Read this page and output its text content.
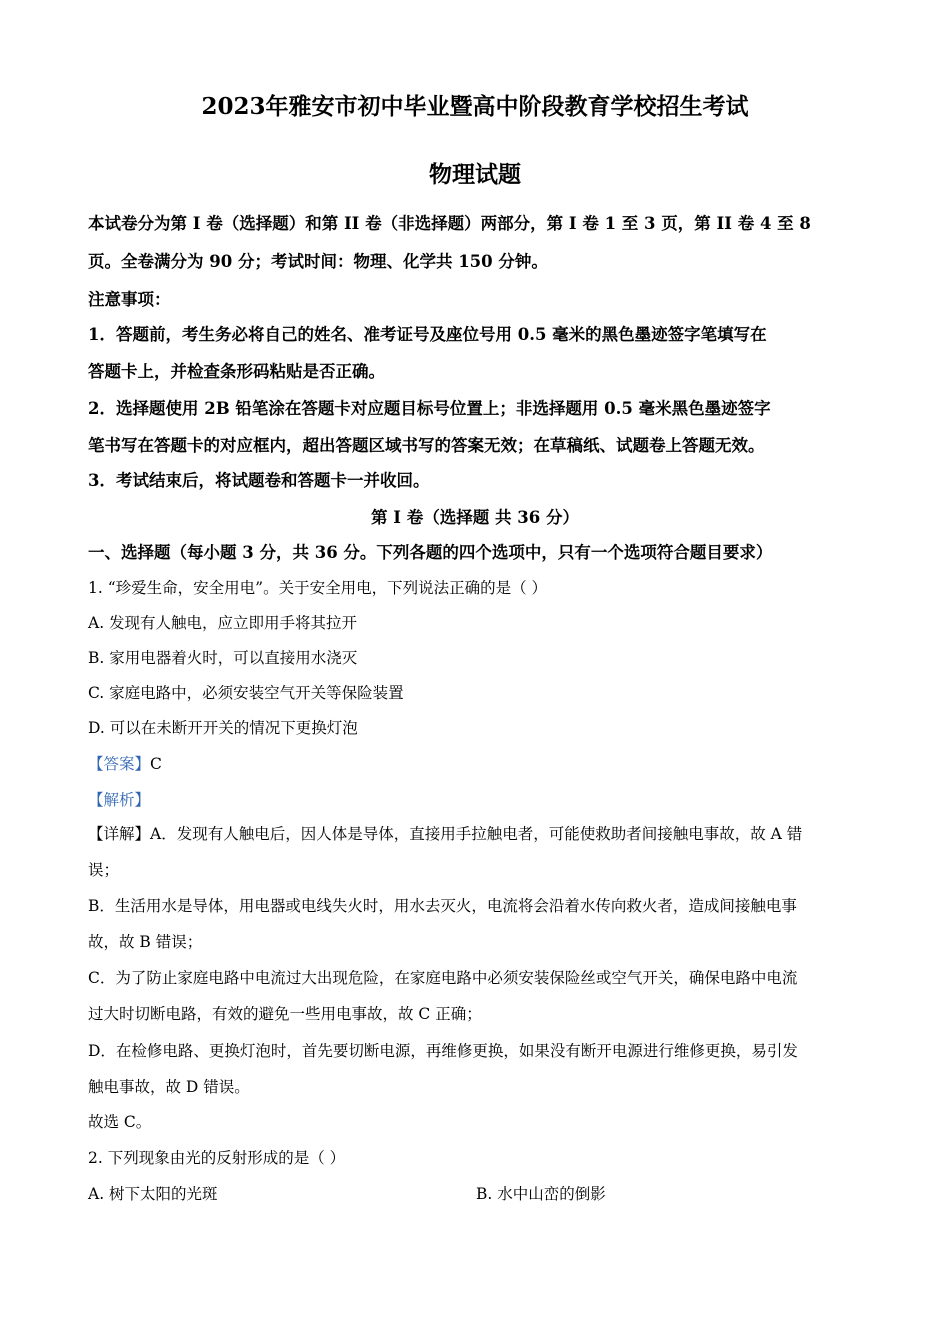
2023年雅安市初中毕业暨高中阶段教育学校招生考试
物理试题
本试卷分为第 I 卷（选择题）和第 II 卷（非选择题）两部分，第 I 卷 1 至 3 页，第 II 卷 4 至 8
页。全卷满分为 90 分；考试时间：物理、化学共 150 分钟。
注意事项：
1．答题前，考生务必将自己的姓名、准考证号及座位号用 0.5 毫米的黑色墨迹签字笔填写在
答题卡上，并检查条形码粘贴是否正确。
2．选择题使用 2B 铅笔涂在答题卡对应题目标号位置上；非选择题用 0.5 毫米黑色墨迹签字
笔书写在答题卡的对应框内，超出答题区域书写的答案无效；在草稿纸、试题卷上答题无效。
3．考试结束后，将试题卷和答题卡一并收回。
第 I 卷（选择题 共 36 分）
一、选择题（每小题 3 分，共 36 分。下列各题的四个选项中，只有一个选项符合题目要求）
1. “珍爱生命，安全用电”。关于安全用电，下列说法正确的是（ ）
A. 发现有人触电，应立即用手将其拉开
B. 家用电器着火时，可以直接用水浇灭
C. 家庭电路中，必须安装空气开关等保险装置
D. 可以在未断开开关的情况下更换灯泡
【答案】C
【解析】
【详解】A．发现有人触电后，因人体是导体，直接用手拉触电者，可能使救助者间接触电事故，故 A 错
误；
B．生活用水是导体，用电器或电线失火时，用水去灭火，电流将会沿着水传向救火者，造成间接触电事
故，故 B 错误；
C．为了防止家庭电路中电流过大出现危险，在家庭电路中必须安装保险丝或空气开关，确保电路中电流
过大时切断电路，有效的避免一些用电事故，故 C 正确；
D．在检修电路、更换灯泡时，首先要切断电源，再维修更换，如果没有断开电源进行维修更换，易引发
触电事故，故 D 错误。
故选 C。
2. 下列现象由光的反射形成的是（ ）
A. 树下太阳的光斑	B. 水中山峦的倒影
